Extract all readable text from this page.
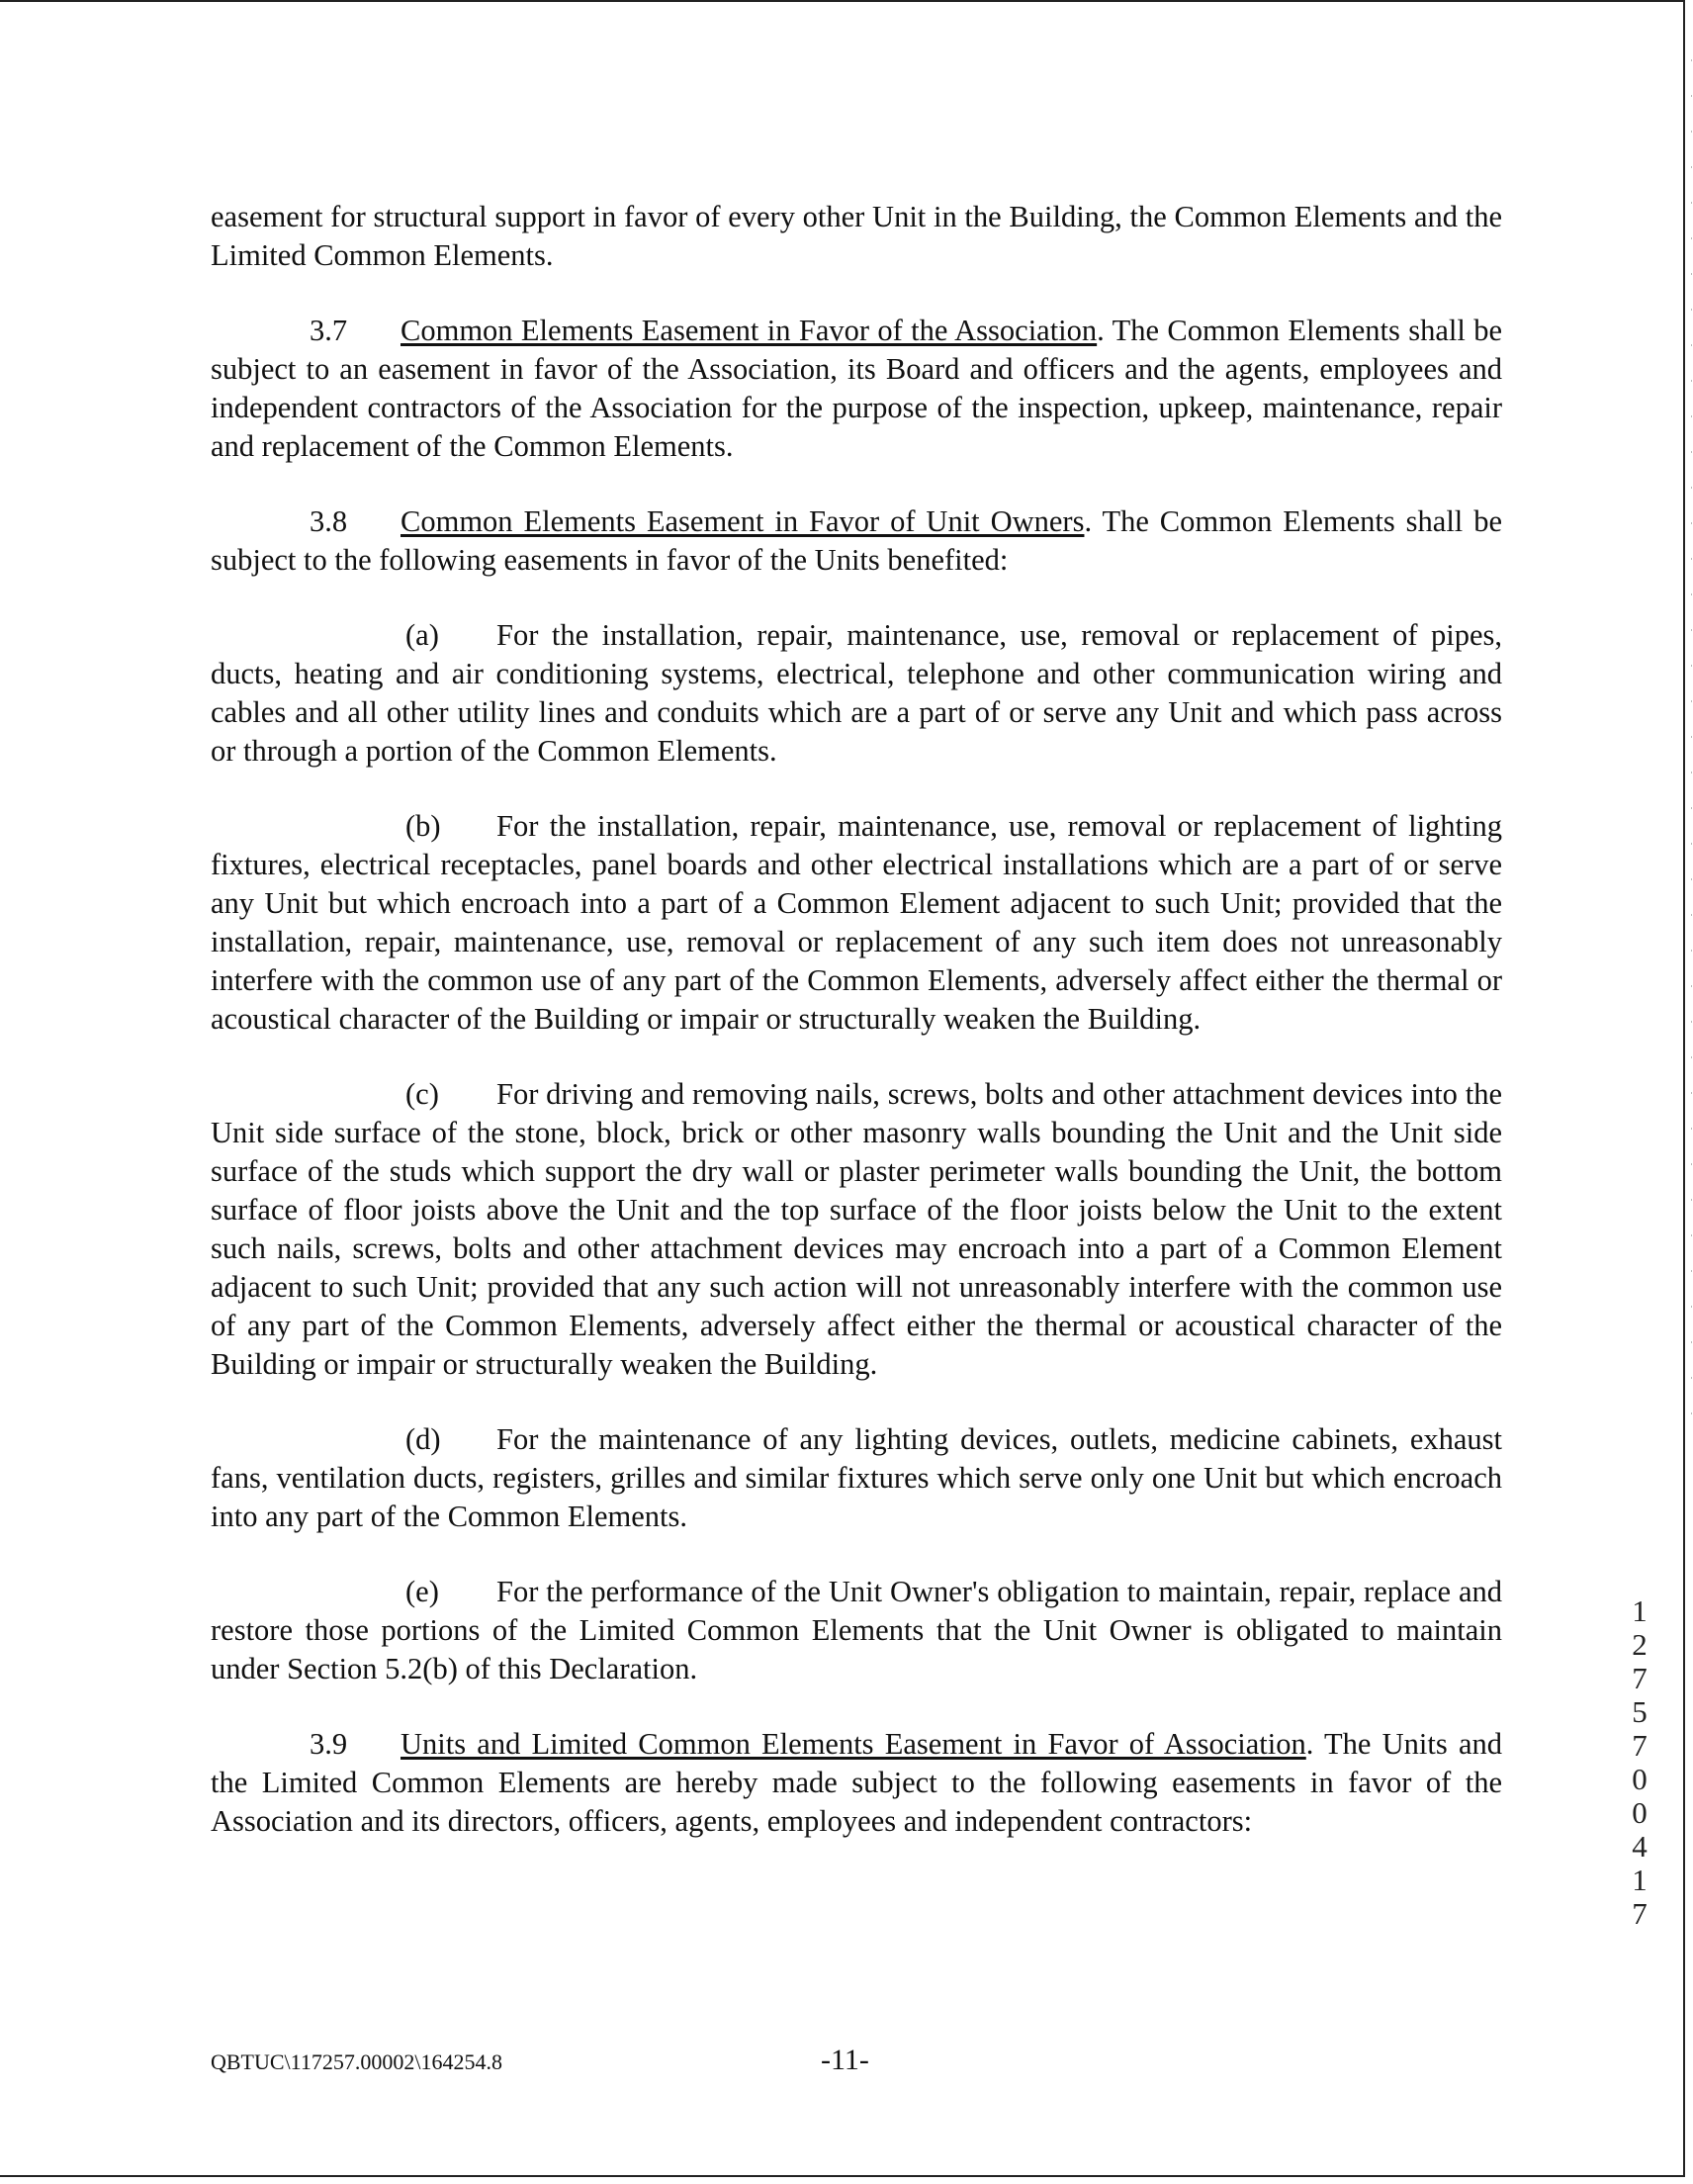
easement for structural support in favor of every other Unit in the Building, the Common Elements and the Limited Common Elements.

3.7 Common Elements Easement in Favor of the Association. The Common Elements shall be subject to an easement in favor of the Association, its Board and officers and the agents, employees and independent contractors of the Association for the purpose of the inspection, upkeep, maintenance, repair and replacement of the Common Elements.

3.8 Common Elements Easement in Favor of Unit Owners. The Common Elements shall be subject to the following easements in favor of the Units benefited:

(a) For the installation, repair, maintenance, use, removal or replacement of pipes, ducts, heating and air conditioning systems, electrical, telephone and other communication wiring and cables and all other utility lines and conduits which are a part of or serve any Unit and which pass across or through a portion of the Common Elements.

(b) For the installation, repair, maintenance, use, removal or replacement of lighting fixtures, electrical receptacles, panel boards and other electrical installations which are a part of or serve any Unit but which encroach into a part of a Common Element adjacent to such Unit; provided that the installation, repair, maintenance, use, removal or replacement of any such item does not unreasonably interfere with the common use of any part of the Common Elements, adversely affect either the thermal or acoustical character of the Building or impair or structurally weaken the Building.

(c) For driving and removing nails, screws, bolts and other attachment devices into the Unit side surface of the stone, block, brick or other masonry walls bounding the Unit and the Unit side surface of the studs which support the dry wall or plaster perimeter walls bounding the Unit, the bottom surface of floor joists above the Unit and the top surface of the floor joists below the Unit to the extent such nails, screws, bolts and other attachment devices may encroach into a part of a Common Element adjacent to such Unit; provided that any such action will not unreasonably interfere with the common use of any part of the Common Elements, adversely affect either the thermal or acoustical character of the Building or impair or structurally weaken the Building.

(d) For the maintenance of any lighting devices, outlets, medicine cabinets, exhaust fans, ventilation ducts, registers, grilles and similar fixtures which serve only one Unit but which encroach into any part of the Common Elements.

(e) For the performance of the Unit Owner's obligation to maintain, repair, replace and restore those portions of the Limited Common Elements that the Unit Owner is obligated to maintain under Section 5.2(b) of this Declaration.

3.9 Units and Limited Common Elements Easement in Favor of Association. The Units and the Limited Common Elements are hereby made subject to the following easements in favor of the Association and its directors, officers, agents, employees and independent contractors:

1
2
7
5
7
0
0
4
1
7
QBTUC\117257.00002\164254.8	-11-
